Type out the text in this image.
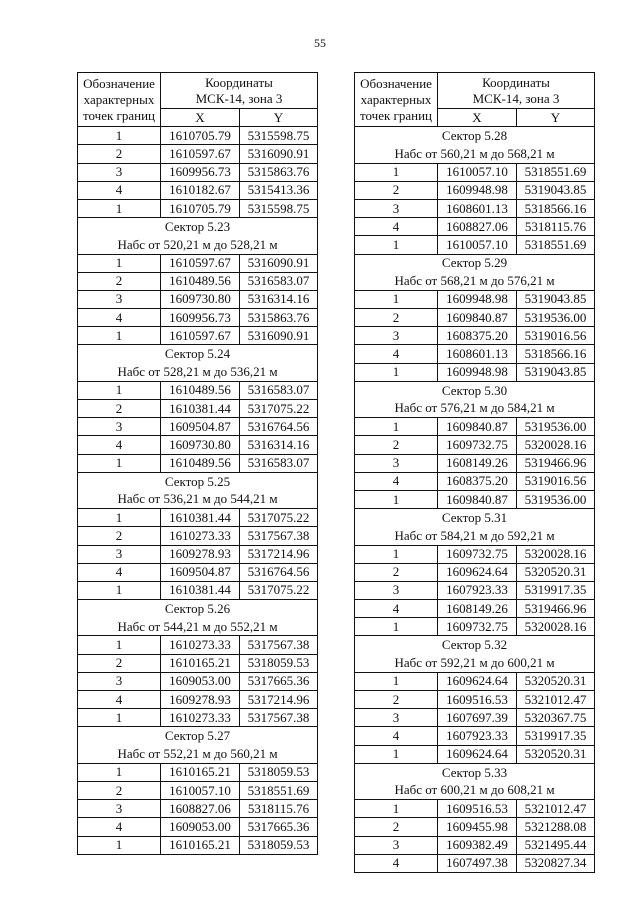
55
Обозначение
характерных
точек границ	Координаты
МСК-14, зона 3	
	X	Y
1	1610705.79	5315598.75
2	1610597.67	5316090.91
3	1609956.73	5315863.76
4	1610182.67	5315413.36
1	1610705.79	5315598.75
Сектор 5.23		
Набс от 520,21 м до 528,21 м		
1	1610597.67	5316090.91
2	1610489.56	5316583.07
3	1609730.80	5316314.16
4	1609956.73	5315863.76
1	1610597.67	5316090.91
Сектор 5.24		
Набс от 528,21 м до 536,21 м		
1	1610489.56	5316583.07
2	1610381.44	5317075.22
3	1609504.87	5316764.56
4	1609730.80	5316314.16
1	1610489.56	5316583.07
Сектор 5.25		
Набс от 536,21 м до 544,21 м		
1	1610381.44	5317075.22
2	1610273.33	5317567.38
3	1609278.93	5317214.96
4	1609504.87	5316764.56
1	1610381.44	5317075.22
Сектор 5.26		
Набс от 544,21 м до 552,21 м		
1	1610273.33	5317567.38
2	1610165.21	5318059.53
3	1609053.00	5317665.36
4	1609278.93	5317214.96
1	1610273.33	5317567.38
Сектор 5.27		
Набс от 552,21 м до 560,21 м		
1	1610165.21	5318059.53
2	1610057.10	5318551.69
3	1608827.06	5318115.76
4	1609053.00	5317665.36
1	1610165.21	5318059.53
Обозначение
характерных
точек границ	Координаты
МСК-14, зона 3	
	X	Y
Сектор 5.28		
Набс от 560,21 м до 568,21 м		
1	1610057.10	5318551.69
2	1609948.98	5319043.85
3	1608601.13	5318566.16
4	1608827.06	5318115.76
1	1610057.10	5318551.69
Сектор 5.29		
Набс от 568,21 м до 576,21 м		
1	1609948.98	5319043.85
2	1609840.87	5319536.00
3	1608375.20	5319016.56
4	1608601.13	5318566.16
1	1609948.98	5319043.85
Сектор 5.30		
Набс от 576,21 м до 584,21 м		
1	1609840.87	5319536.00
2	1609732.75	5320028.16
3	1608149.26	5319466.96
4	1608375.20	5319016.56
1	1609840.87	5319536.00
Сектор 5.31		
Набс от 584,21 м до 592,21 м		
1	1609732.75	5320028.16
2	1609624.64	5320520.31
3	1607923.33	5319917.35
4	1608149.26	5319466.96
1	1609732.75	5320028.16
Сектор 5.32		
Набс от 592,21 м до 600,21 м		
1	1609624.64	5320520.31
2	1609516.53	5321012.47
3	1607697.39	5320367.75
4	1607923.33	5319917.35
1	1609624.64	5320520.31
Сектор 5.33		
Набс от 600,21 м до 608,21 м		
1	1609516.53	5321012.47
2	1609455.98	5321288.08
3	1609382.49	5321495.44
4	1607497.38	5320827.34
